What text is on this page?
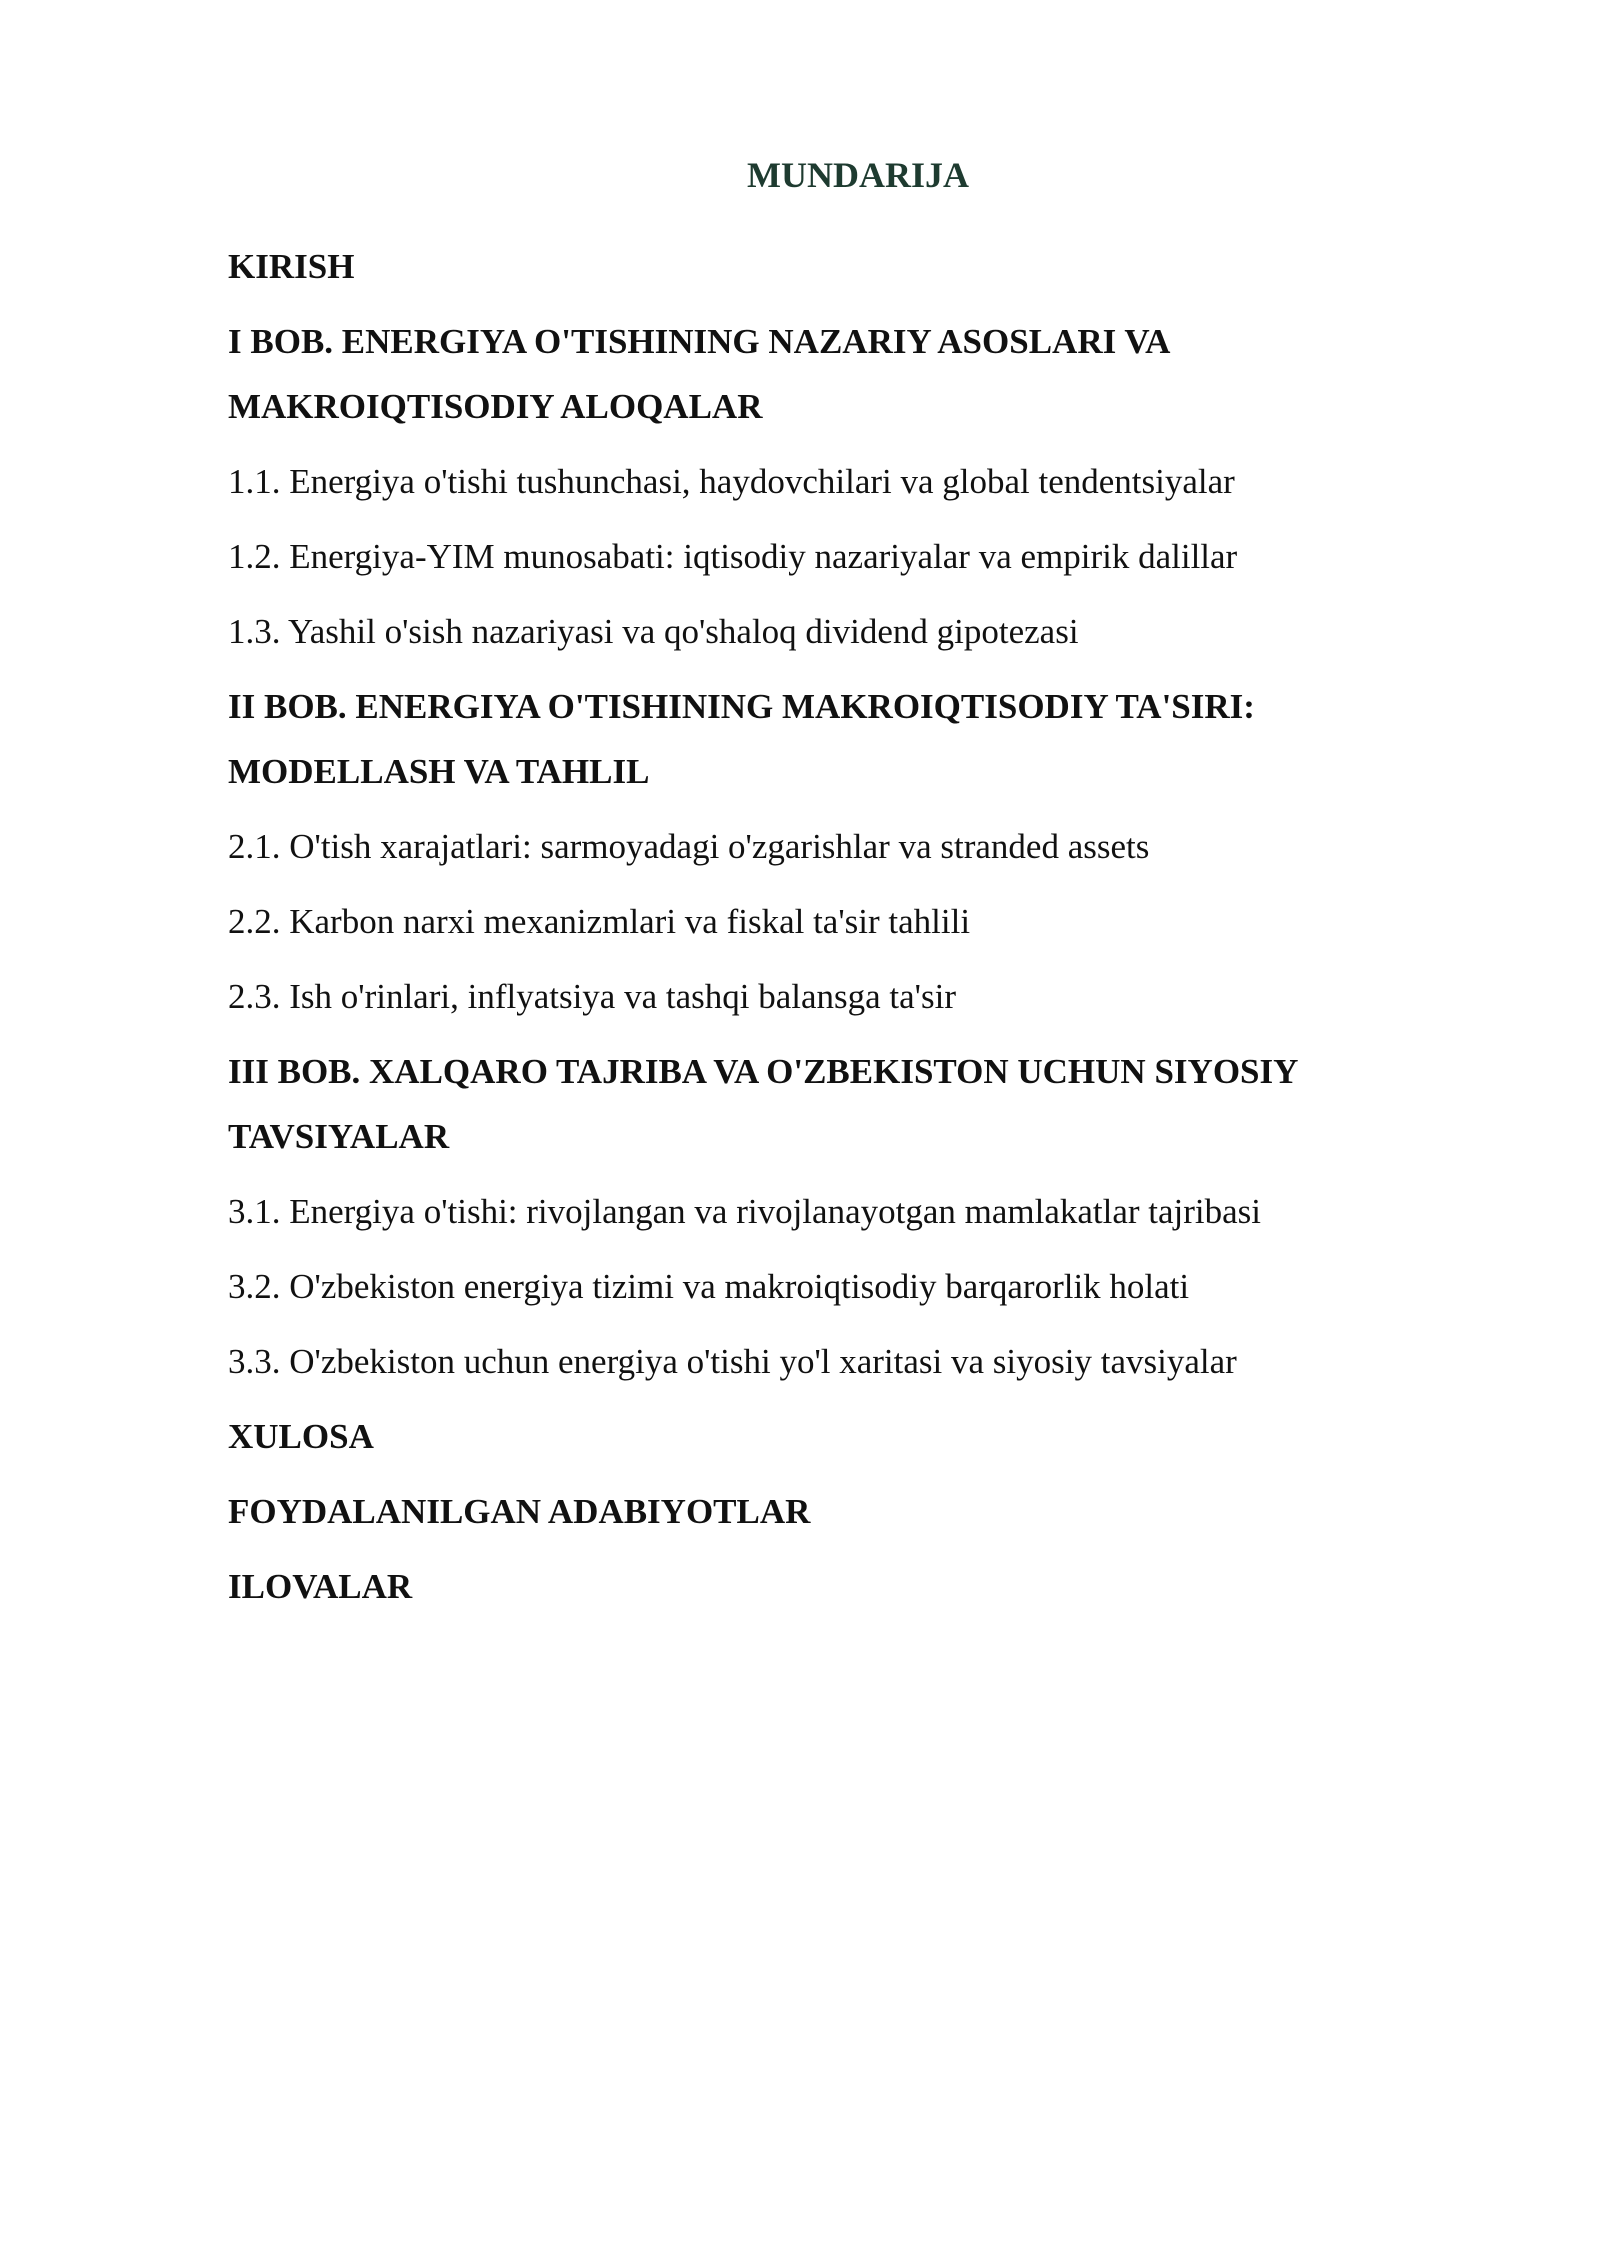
MUNDARIJA

KIRISH

I BOB. ENERGIYA O'TISHINING NAZARIY ASOSLARI VA
MAKROIQTISODIY ALOQALAR

1.1. Energiya o'tishi tushunchasi, haydovchilari va global tendentsiyalar

1.2. Energiya-YIM munosabati: iqtisodiy nazariyalar va empirik dalillar

1.3. Yashil o'sish nazariyasi va qo'shaloq dividend gipotezasi

II BOB. ENERGIYA O'TISHINING MAKROIQTISODIY TA'SIRI:
MODELLASH VA TAHLIL

2.1. O'tish xarajatlari: sarmoyadagi o'zgarishlar va stranded assets

2.2. Karbon narxi mexanizmlari va fiskal ta'sir tahlili

2.3. Ish o'rinlari, inflyatsiya va tashqi balansga ta'sir

III BOB. XALQARO TAJRIBA VA O'ZBEKISTON UCHUN SIYOSIY
TAVSIYALAR

3.1. Energiya o'tishi: rivojlangan va rivojlanayotgan mamlakatlar tajribasi

3.2. O'zbekiston energiya tizimi va makroiqtisodiy barqarorlik holati

3.3. O'zbekiston uchun energiya o'tishi yo'l xaritasi va siyosiy tavsiyalar

XULOSA

FOYDALANILGAN ADABIYOTLAR

ILOVALAR
